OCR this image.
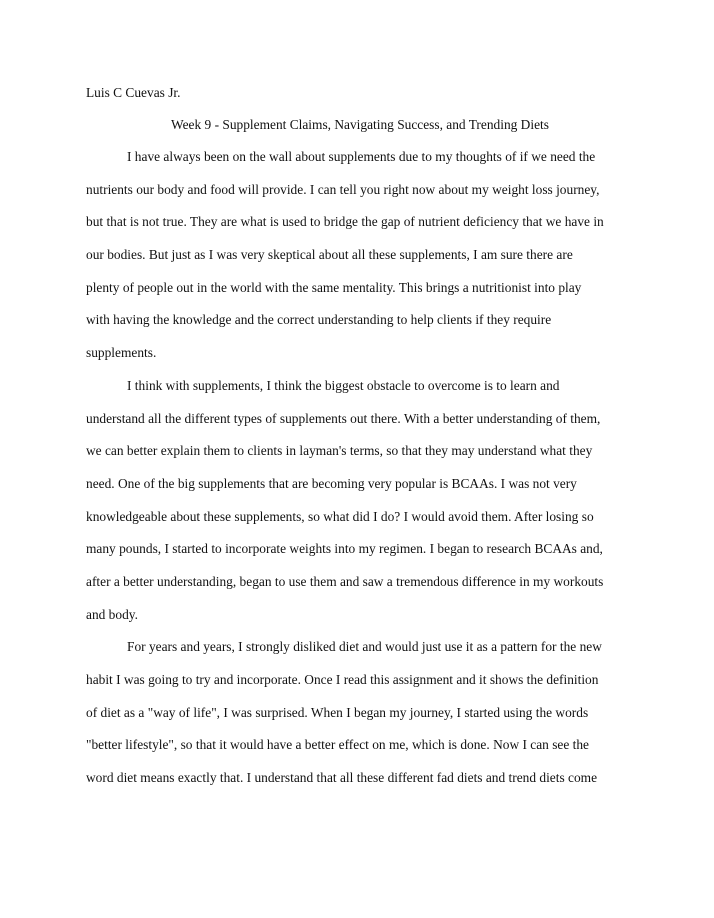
Luis C Cuevas Jr.
Week 9 - Supplement Claims, Navigating Success, and Trending Diets
I have always been on the wall about supplements due to my thoughts of if we need the
nutrients our body and food will provide. I can tell you right now about my weight loss journey,
but that is not true. They are what is used to bridge the gap of nutrient deficiency that we have in
our bodies. But just as I was very skeptical about all these supplements, I am sure there are
plenty of people out in the world with the same mentality. This brings a nutritionist into play
with having the knowledge and the correct understanding to help clients if they require
supplements.
I think with supplements, I think the biggest obstacle to overcome is to learn and
understand all the different types of supplements out there. With a better understanding of them,
we can better explain them to clients in layman's terms, so that they may understand what they
need. One of the big supplements that are becoming very popular is BCAAs. I was not very
knowledgeable about these supplements, so what did I do? I would avoid them. After losing so
many pounds, I started to incorporate weights into my regimen. I began to research BCAAs and,
after a better understanding, began to use them and saw a tremendous difference in my workouts
and body.
For years and years, I strongly disliked diet and would just use it as a pattern for the new
habit I was going to try and incorporate. Once I read this assignment and it shows the definition
of diet as a "way of life", I was surprised. When I began my journey, I started using the words
"better lifestyle", so that it would have a better effect on me, which is done. Now I can see the
word diet means exactly that. I understand that all these different fad diets and trend diets come
